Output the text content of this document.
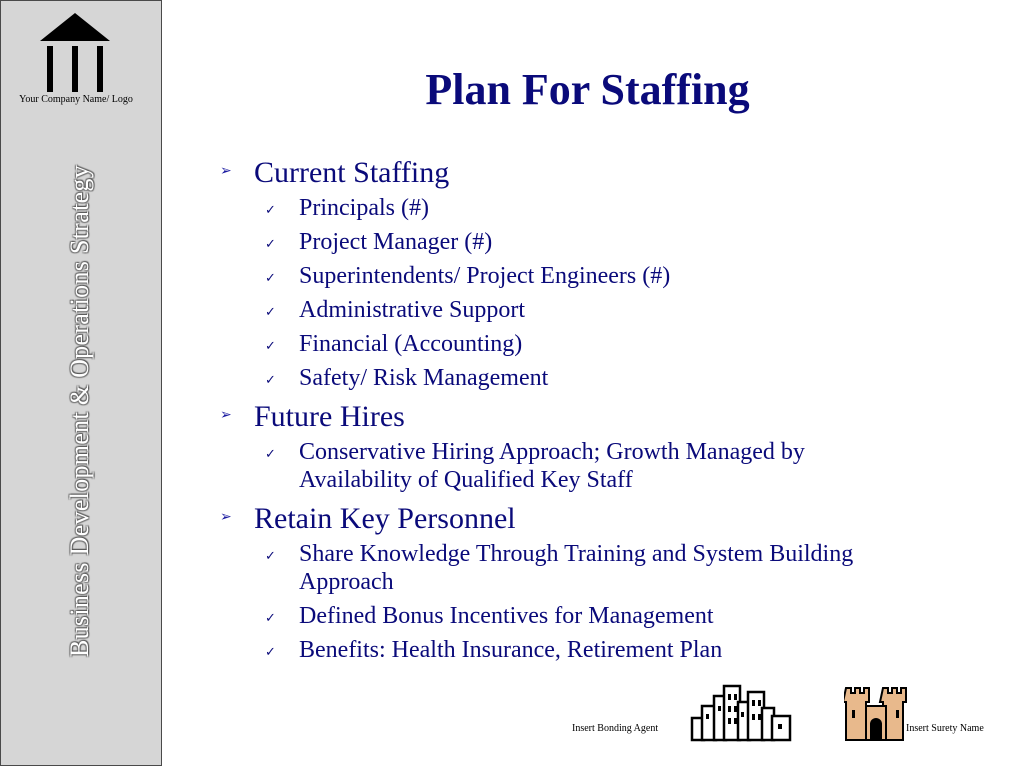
Your Company Name/ Logo
Business Development & Operations Strategy
Plan For Staffing
➢ Current Staffing
✓ Principals (#)
✓ Project Manager (#)
✓ Superintendents/ Project Engineers (#)
✓ Administrative Support
✓ Financial (Accounting)
✓ Safety/ Risk Management
➢ Future Hires
✓ Conservative Hiring Approach; Growth Managed by Availability of Qualified Key Staff
➢ Retain Key Personnel
✓ Share Knowledge Through Training and System Building Approach
✓ Defined Bonus Incentives for Management
✓ Benefits: Health Insurance, Retirement Plan
Insert Bonding Agent	Insert Surety Name
